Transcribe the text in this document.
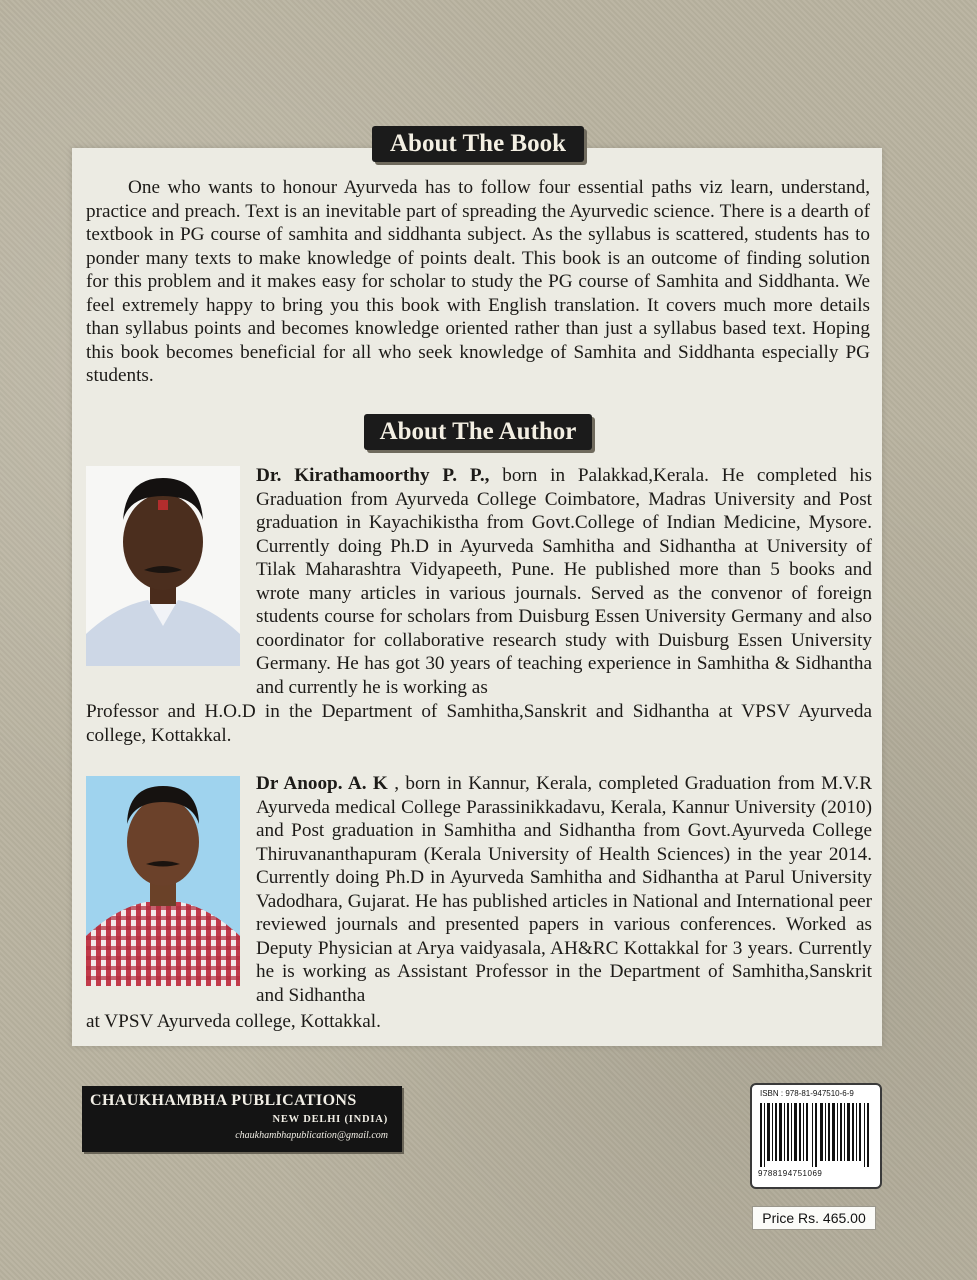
About The Book

One who wants to honour Ayurveda has to follow four essential paths viz learn, understand, practice and preach. Text is an inevitable part of spreading the Ayurvedic science. There is a dearth of textbook in PG course of samhita and siddhanta subject. As the syllabus is scattered, students has to ponder many texts to make knowledge of points dealt. This book is an outcome of finding solution for this problem and it makes easy for scholar to study the PG course of Samhita and Siddhanta. We feel extremely happy to bring you this book with English translation. It covers much more details than syllabus points and becomes knowledge oriented rather than just a syllabus based text. Hoping this book becomes beneficial for all who seek knowledge of Samhita and Siddhanta especially PG students.

About The Author

Dr. Kirathamoorthy P. P., born in Palakkad,Kerala. He completed his Graduation from Ayurveda College Coimbatore, Madras University and Post graduation in Kayachikistha from Govt.College of Indian Medicine, Mysore. Currently doing Ph.D in Ayurveda Samhitha and Sidhantha at University of Tilak Maharashtra Vidyapeeth, Pune. He published more than 5 books and wrote many articles in various journals. Served as the convenor of foreign students course for scholars from Duisburg Essen University Germany and also coordinator for collaborative research study with Duisburg Essen University Germany. He has got 30 years of teaching experience in Samhitha & Sidhantha and currently he is working as

Professor and H.O.D in the Department of Samhitha,Sanskrit and Sidhantha at VPSV Ayurveda college, Kottakkal.

Dr Anoop. A. K , born in Kannur, Kerala, completed Graduation from M.V.R Ayurveda medical College Parassinikkadavu, Kerala, Kannur University (2010) and Post graduation in Samhitha and Sidhantha from Govt.Ayurveda College Thiruvananthapuram (Kerala University of Health Sciences) in the year 2014. Currently doing Ph.D in Ayurveda Samhitha and Sidhantha at Parul University Vadodhara, Gujarat. He has published articles in National and International peer reviewed journals and presented papers in various conferences. Worked as Deputy Physician at Arya vaidyasala, AH&RC Kottakkal for 3 years. Currently he is working as Assistant Professor in the Department of Samhitha,Sanskrit and Sidhantha

at VPSV Ayurveda college, Kottakkal.

CHAUKHAMBHA PUBLICATIONS
NEW DELHI (INDIA)
chaukhambhapublication@gmail.com
ISBN : 978-81-947510-6-9
9788194751069
Price Rs. 465.00
